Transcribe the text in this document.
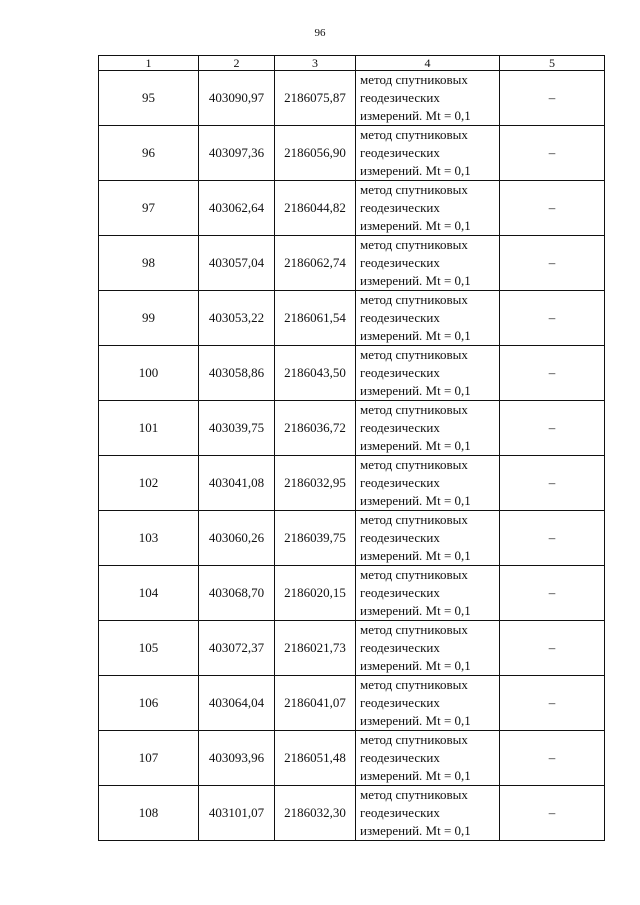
96
1	2	3	4	5
95	403090,97	2186075,87	метод спутниковых
геодезических
измерений. Mt = 0,1	–
96	403097,36	2186056,90	метод спутниковых
геодезических
измерений. Mt = 0,1	–
97	403062,64	2186044,82	метод спутниковых
геодезических
измерений. Mt = 0,1	–
98	403057,04	2186062,74	метод спутниковых
геодезических
измерений. Mt = 0,1	–
99	403053,22	2186061,54	метод спутниковых
геодезических
измерений. Mt = 0,1	–
100	403058,86	2186043,50	метод спутниковых
геодезических
измерений. Mt = 0,1	–
101	403039,75	2186036,72	метод спутниковых
геодезических
измерений. Mt = 0,1	–
102	403041,08	2186032,95	метод спутниковых
геодезических
измерений. Mt = 0,1	–
103	403060,26	2186039,75	метод спутниковых
геодезических
измерений. Mt = 0,1	–
104	403068,70	2186020,15	метод спутниковых
геодезических
измерений. Mt = 0,1	–
105	403072,37	2186021,73	метод спутниковых
геодезических
измерений. Mt = 0,1	–
106	403064,04	2186041,07	метод спутниковых
геодезических
измерений. Mt = 0,1	–
107	403093,96	2186051,48	метод спутниковых
геодезических
измерений. Mt = 0,1	–
108	403101,07	2186032,30	метод спутниковых
геодезических
измерений. Mt = 0,1	–
